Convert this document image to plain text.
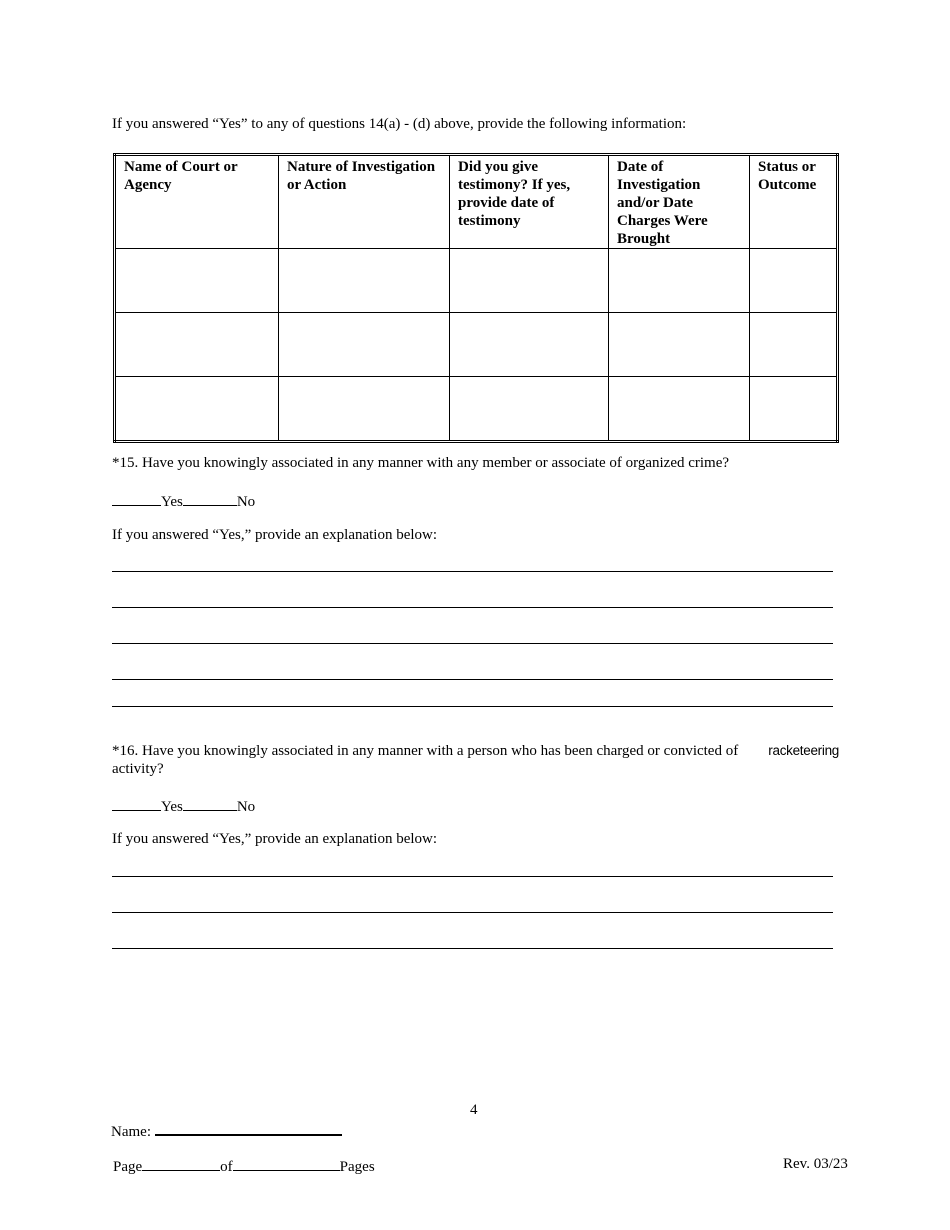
If you answered “Yes” to any of questions 14(a) - (d) above, provide the following information:
Name of Court or Agency	Nature of Investigation or Action	Did you give testimony? If yes, provide date of testimony	Date of Investigation and/or Date Charges Were Brought	Status or Outcome

*15. Have you knowingly associated in any manner with any member or associate of organized crime?
Yes	No
If you answered “Yes,” provide an explanation below:
*16. Have you knowingly associated in any manner with a person who has been charged or convicted of racketeering
activity?
Yes	No
If you answered “Yes,” provide an explanation below:
4
Name:
Page	of	Pages	Rev. 03/23
